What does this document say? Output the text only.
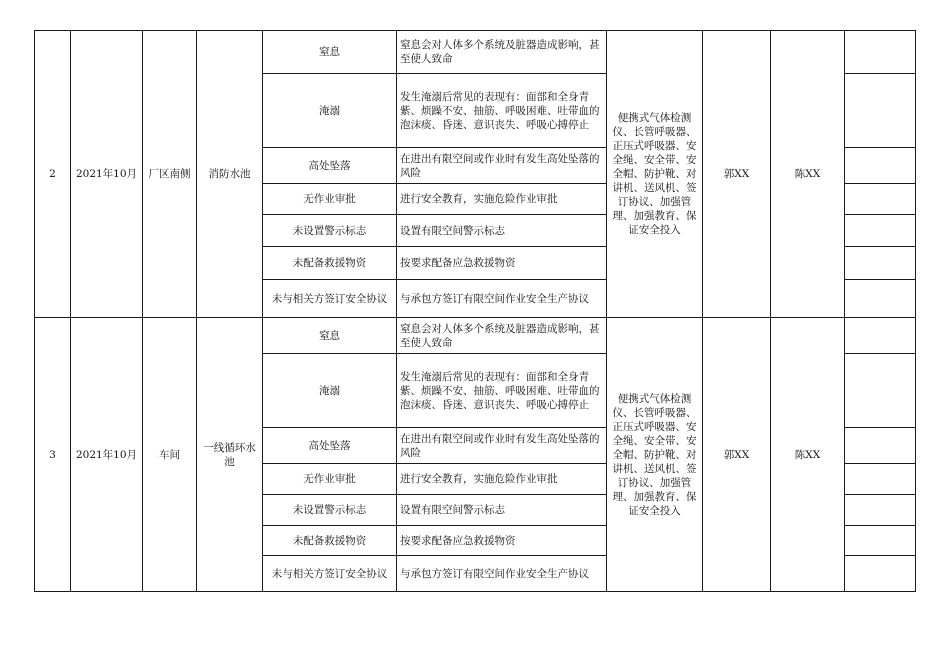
2	2021年10月	厂区南侧	消防水池	窒息	窒息会对人体多个系统及脏器造成影响，甚至使人致命	便携式气体检测仪、长管呼吸器、正压式呼吸器、安全绳、安全带、安全帽、防护靴、对讲机、送风机、签订协议、加强管理、加强教育、保证安全投入	郭XX	陈XX	
				淹溺	发生淹溺后常见的表现有：面部和全身青紫、烦躁不安、抽筋、呼吸困难、吐带血的泡沫痰、昏迷、意识丧失、呼吸心搏停止				
				高处坠落	在进出有限空间或作业时有发生高处坠落的风险				
				无作业审批	进行安全教育，实施危险作业审批				
				未设置警示标志	设置有限空间警示标志				
				未配备救援物资	按要求配备应急救援物资				
				未与相关方签订安全协议	与承包方签订有限空间作业安全生产协议				
3	2021年10月	车间	一线循环水池	窒息	窒息会对人体多个系统及脏器造成影响，甚至使人致命	便携式气体检测仪、长管呼吸器、正压式呼吸器、安全绳、安全带、安全帽、防护靴、对讲机、送风机、签订协议、加强管理、加强教育、保证安全投入	郭XX	陈XX	
				淹溺	发生淹溺后常见的表现有：面部和全身青紫、烦躁不安、抽筋、呼吸困难、吐带血的泡沫痰、昏迷、意识丧失、呼吸心搏停止				
				高处坠落	在进出有限空间或作业时有发生高处坠落的风险				
				无作业审批	进行安全教育，实施危险作业审批				
				未设置警示标志	设置有限空间警示标志				
				未配备救援物资	按要求配备应急救援物资				
				未与相关方签订安全协议	与承包方签订有限空间作业安全生产协议				
